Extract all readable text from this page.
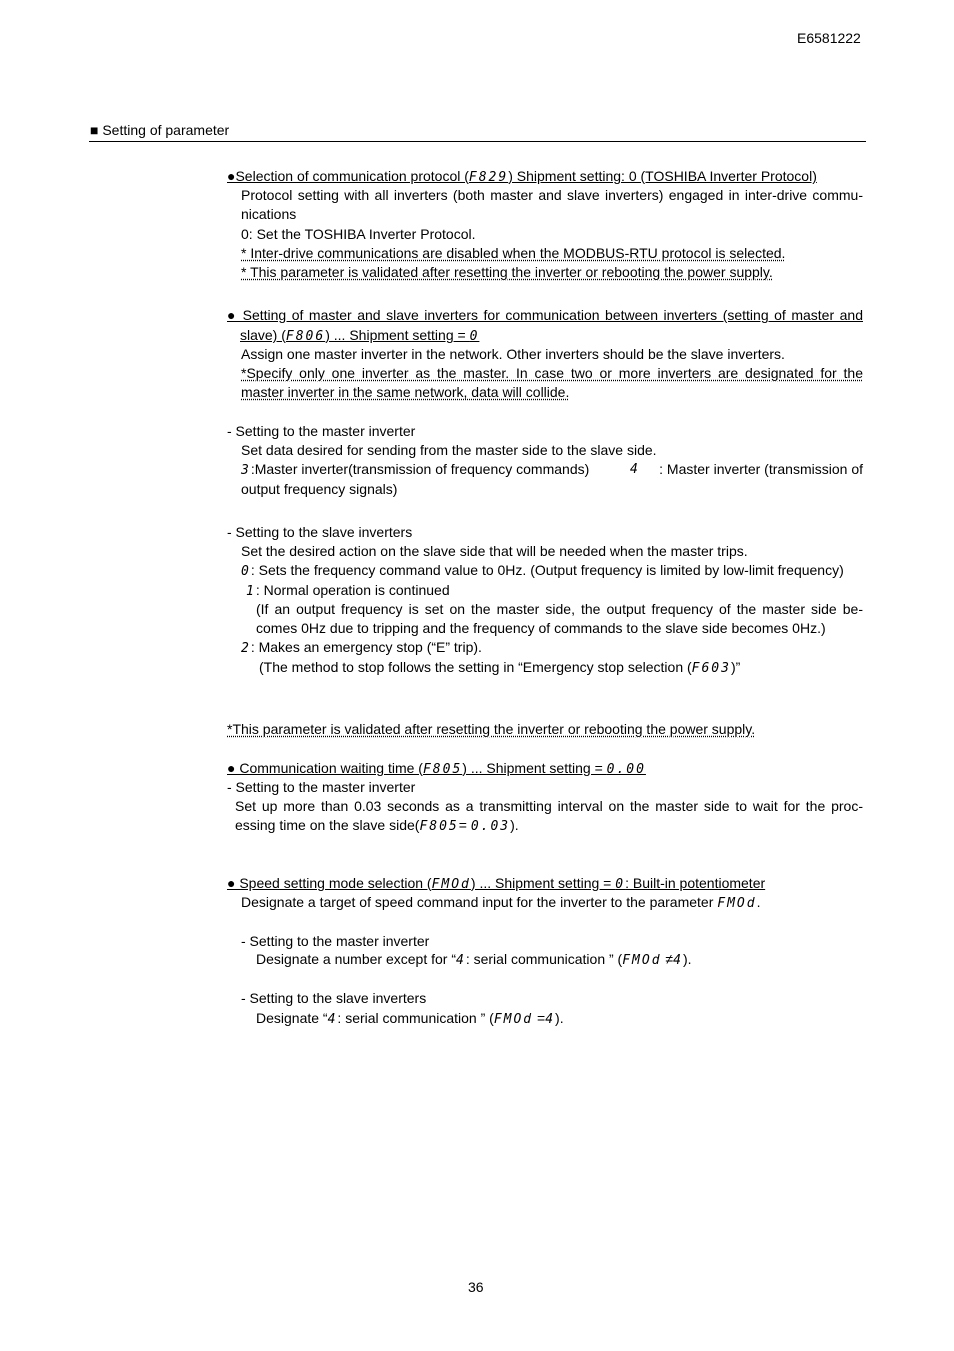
E6581222
■ Setting of parameter
●Selection of communication protocol (F829) Shipment setting: 0 (TOSHIBA Inverter Protocol)
Protocol setting with all inverters (both master and slave inverters) engaged in inter-drive commu-
nications
0: Set the TOSHIBA Inverter Protocol.
* Inter-drive communications are disabled when the MODBUS-RTU protocol is selected.
* This parameter is validated after resetting the inverter or rebooting the power supply.
● Setting of master and slave inverters for communication between inverters (setting of master and
slave) (F806) ... Shipment setting = 0
Assign one master inverter in the network. Other inverters should be the slave inverters.
*Specify only one inverter as the master. In case two or more inverters are designated for the
master inverter in the same network, data will collide.
- Setting to the master inverter
Set data desired for sending from the master side to the slave side.
3:Master inverter(transmission of frequency commands)	4 : Master inverter (transmission of
output frequency signals)
- Setting to the slave inverters
Set the desired action on the slave side that will be needed when the master trips.
0: Sets the frequency command value to 0Hz. (Output frequency is limited by low-limit frequency)
1: Normal operation is continued
(If an output frequency is set on the master side, the output frequency of the master side be-
comes 0Hz due to tripping and the frequency of commands to the slave side becomes 0Hz.)
2: Makes an emergency stop (“E” trip).
(The method to stop follows the setting in “Emergency stop selection (F603)”
*This parameter is validated after resetting the inverter or rebooting the power supply.
● Communication waiting time (F805) ... Shipment setting = 0.00
- Setting to the master inverter
Set up more than 0.03 seconds as a transmitting interval on the master side to wait for the proc-
essing time on the slave side(F805= 0.03).
● Speed setting mode selection (FMOd) ... Shipment setting = 0: Built-in potentiometer
Designate a target of speed command input for the inverter to the parameter FMOd.
- Setting to the master inverter
Designate a number except for “4: serial communication ” (FMOd ≠4).
- Setting to the slave inverters
Designate “4: serial communication ” (FMOd =4).
36
